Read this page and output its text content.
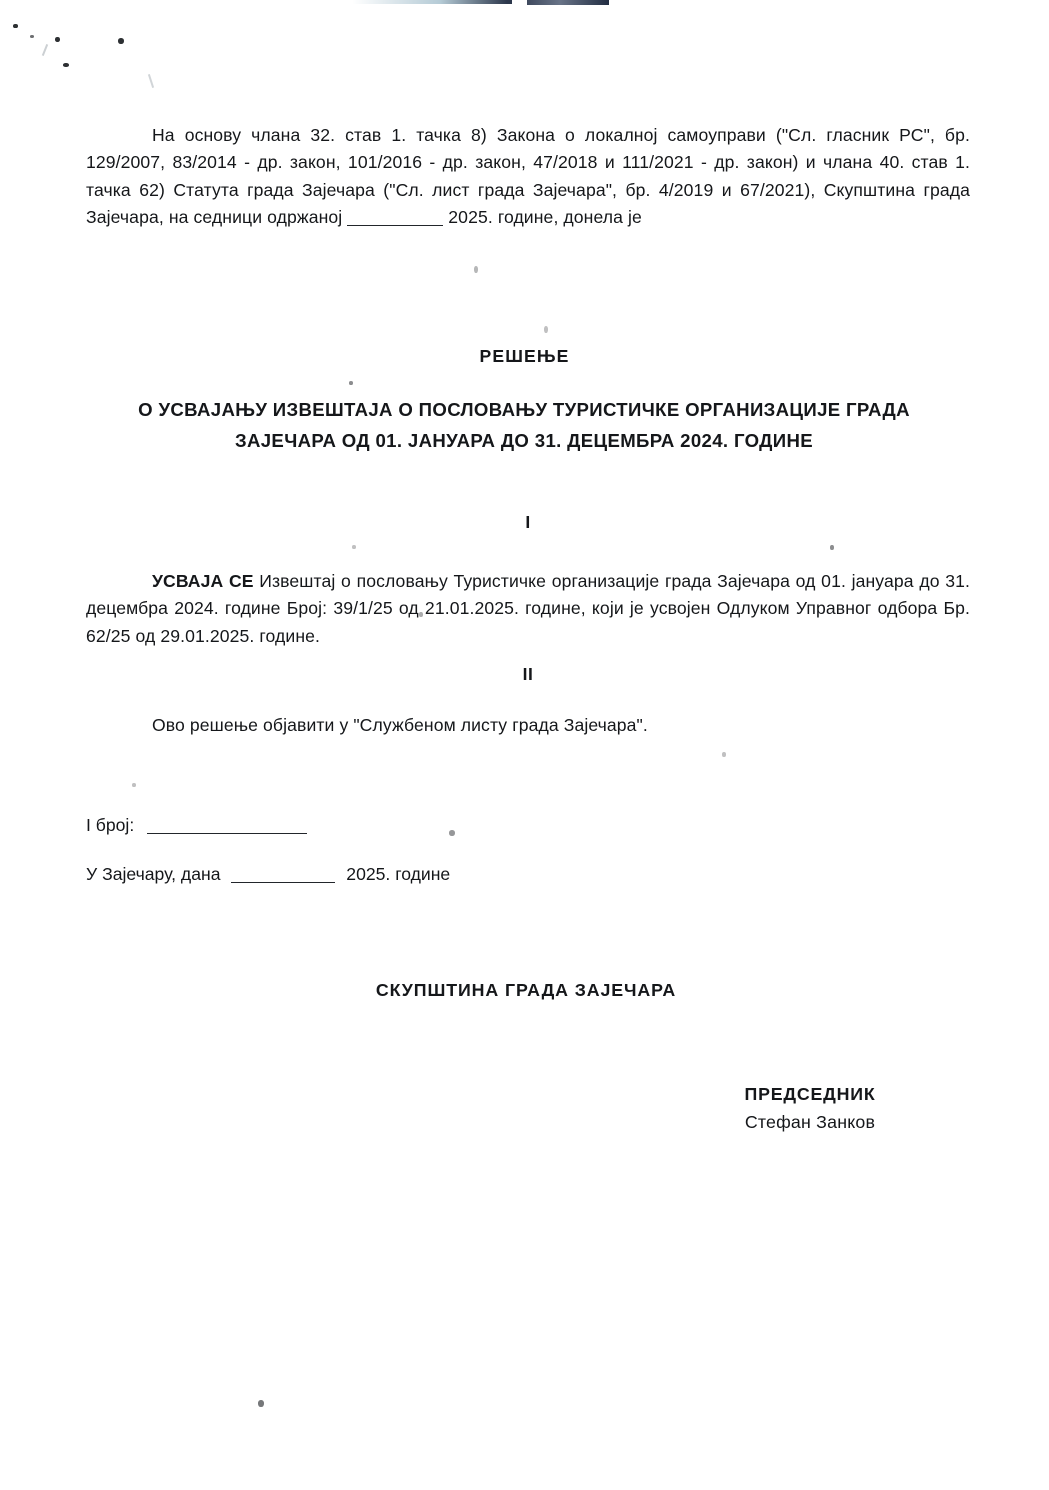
На основу члана 32. став 1. тачка 8) Закона о локалној самоуправи ("Сл. гласник РС", бр. 129/2007, 83/2014 - др. закон, 101/2016 - др. закон, 47/2018 и 111/2021 - др. закон) и члана 40. став 1. тачка 62) Статута града Зајечара ("Сл. лист града Зајечара", бр. 4/2019 и 67/2021), Скупштина града Зајечара, на седници одржаној	2025. године, донела је
РЕШЕЊЕ
О УСВАЈАЊУ ИЗВЕШТАЈА О ПОСЛОВАЊУ ТУРИСТИЧКЕ ОРГАНИЗАЦИЈЕ ГРАДА
ЗАЈЕЧАРА ОД 01. ЈАНУАРА ДО 31. ДЕЦЕМБРА 2024. ГОДИНЕ
I
УСВАЈА СЕ Извештај о пословању Туристичке организације града Зајечара од 01. јануара до 31. децембра 2024. године Број: 39/1/25 од 21.01.2025. године, који је усвојен Одлуком Управног одбора Бр. 62/25 од 29.01.2025. године.
II
Ово решење објавити у "Службеном листу града Зајечара".
I број:
У Зајечару, дана	2025. године
СКУПШТИНА ГРАДА ЗАЈЕЧАРА
ПРЕДСЕДНИК
Стефан Занков
